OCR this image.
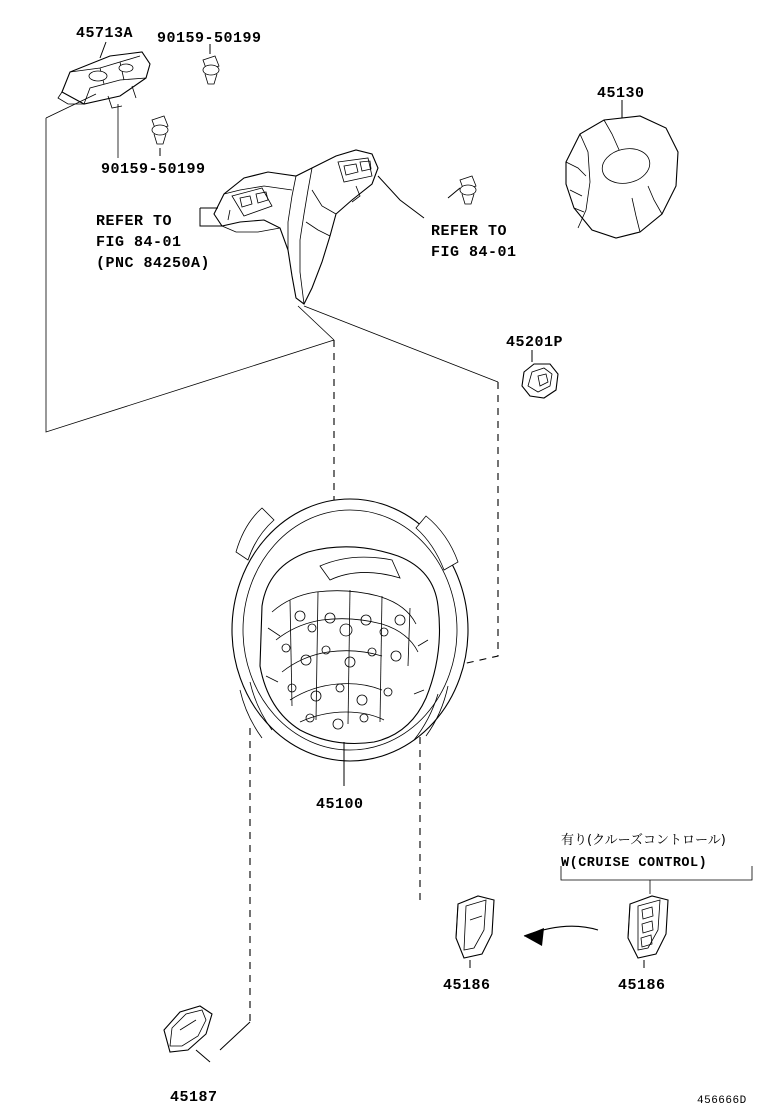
45713A 90159-50199
45130
90159-50199
REFER TO
FIG 84-01
(PNC 84250A)
REFER TO
FIG 84-01
45201P
45100
45186	45186
45187
有り(クルーズコントロール)
W(CRUISE CONTROL)
456666D
